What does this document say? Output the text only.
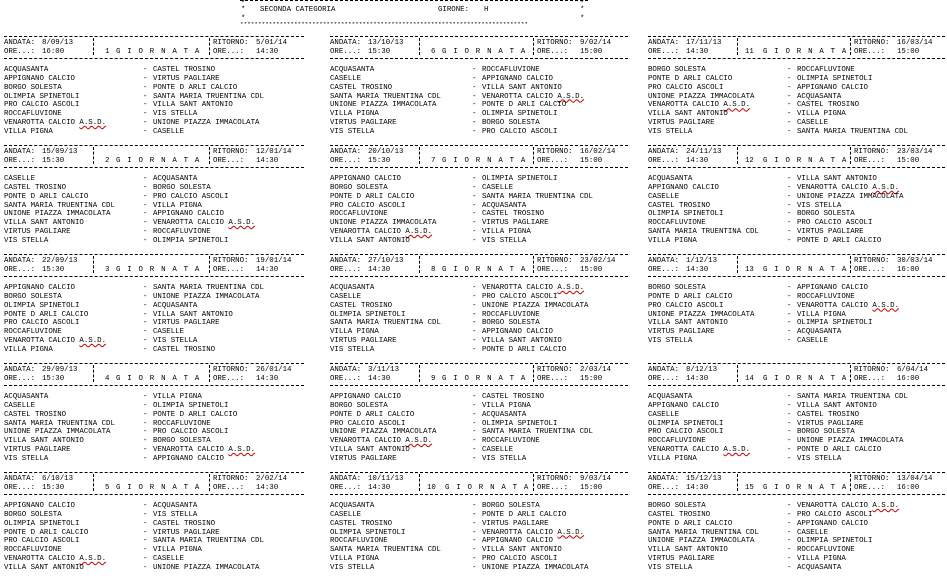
*	*
*	*
SECONDA CATEGORIA	GIRONE: H
*	*
********************************************************************************
ANDATA: 8/09/13
ORE...: 16:00	1 G I O R N A T A
RITORNO: 5/01/14
ORE...: 14:30
ACQUASANTA	- CASTEL TROSINO
APPIGNANO CALCIO	- VIRTUS PAGLIARE
BORGO SOLESTA	- PONTE D ARLI CALCIO
OLIMPIA SPINETOLI	- SANTA MARIA TRUENTINA CDL
PRO CALCIO ASCOLI	- VILLA SANT ANTONIO
ROCCAFLUVIONE	- VIS STELLA
VENAROTTA CALCIO A.S.D.	- UNIONE PIAZZA IMMACOLATA
VILLA PIGNA	- CASELLE
ANDATA: 15/09/13
ORE...: 15:30	2 G I O R N A T A
RITORNO: 12/01/14
ORE...: 14:30
CASELLE	- ACQUASANTA
CASTEL TROSINO	- BORGO SOLESTA
PONTE D ARLI CALCIO	- PRO CALCIO ASCOLI
SANTA MARIA TRUENTINA CDL	- VILLA PIGNA
UNIONE PIAZZA IMMACOLATA	- APPIGNANO CALCIO
VILLA SANT ANTONIO	- VENAROTTA CALCIO A.S.D.
VIRTUS PAGLIARE	- ROCCAFLUVIONE
VIS STELLA	- OLIMPIA SPINETOLI
ANDATA: 22/09/13
ORE...: 15:30	3 G I O R N A T A
RITORNO: 19/01/14
ORE...: 14:30
APPIGNANO CALCIO	- SANTA MARIA TRUENTINA CDL
BORGO SOLESTA	- UNIONE PIAZZA IMMACOLATA
OLIMPIA SPINETOLI	- ACQUASANTA
PONTE D ARLI CALCIO	- VILLA SANT ANTONIO
PRO CALCIO ASCOLI	- VIRTUS PAGLIARE
ROCCAFLUVIONE	- CASELLE
VENAROTTA CALCIO A.S.D.	- VIS STELLA
VILLA PIGNA	- CASTEL TROSINO
ANDATA: 29/09/13
ORE...: 15:30	4 G I O R N A T A
RITORNO: 26/01/14
ORE...: 14:30
ACQUASANTA	- VILLA PIGNA
CASELLE	- OLIMPIA SPINETOLI
CASTEL TROSINO	- PONTE D ARLI CALCIO
SANTA MARIA TRUENTINA CDL	- ROCCAFLUVIONE
UNIONE PIAZZA IMMACOLATA	- PRO CALCIO ASCOLI
VILLA SANT ANTONIO	- BORGO SOLESTA
VIRTUS PAGLIARE	- VENAROTTA CALCIO A.S.D.
VIS STELLA	- APPIGNANO CALCIO
ANDATA: 6/10/13
ORE...: 15:30	5 G I O R N A T A
RITORNO: 2/02/14
ORE...: 14:30
APPIGNANO CALCIO	- ACQUASANTA
BORGO SOLESTA	- VIS STELLA
OLIMPIA SPINETOLI	- CASTEL TROSINO
PONTE D ARLI CALCIO	- VIRTUS PAGLIARE
PRO CALCIO ASCOLI	- SANTA MARIA TRUENTINA CDL
ROCCAFLUVIONE	- VILLA PIGNA
VENAROTTA CALCIO A.S.D.	- CASELLE
VILLA SANT ANTONIO	- UNIONE PIAZZA IMMACOLATA
ANDATA: 13/10/13
ORE...: 15:30	6 G I O R N A T A
RITORNO: 9/02/14
ORE...: 15:00
ACQUASANTA	- ROCCAFLUVIONE
CASELLE	- APPIGNANO CALCIO
CASTEL TROSINO	- VILLA SANT ANTONIO
SANTA MARIA TRUENTINA CDL	- VENAROTTA CALCIO A.S.D.
UNIONE PIAZZA IMMACOLATA	- PONTE D ARLI CALCIO
VILLA PIGNA	- OLIMPIA SPINETOLI
VIRTUS PAGLIARE	- BORGO SOLESTA
VIS STELLA	- PRO CALCIO ASCOLI
ANDATA: 20/10/13
ORE...: 15:30	7 G I O R N A T A
RITORNO: 16/02/14
ORE...: 15:00
APPIGNANO CALCIO	- OLIMPIA SPINETOLI
BORGO SOLESTA	- CASELLE
PONTE D ARLI CALCIO	- SANTA MARIA TRUENTINA CDL
PRO CALCIO ASCOLI	- ACQUASANTA
ROCCAFLUVIONE	- CASTEL TROSINO
UNIONE PIAZZA IMMACOLATA	- VIRTUS PAGLIARE
VENAROTTA CALCIO A.S.D.	- VILLA PIGNA
VILLA SANT ANTONIO	- VIS STELLA
ANDATA: 27/10/13
ORE...: 14:30	8 G I O R N A T A
RITORNO: 23/02/14
ORE...: 15:00
ACQUASANTA	- VENAROTTA CALCIO A.S.D.
CASELLE	- PRO CALCIO ASCOLI
CASTEL TROSINO	- UNIONE PIAZZA IMMACOLATA
OLIMPIA SPINETOLI	- ROCCAFLUVIONE
SANTA MARIA TRUENTINA CDL	- BORGO SOLESTA
VILLA PIGNA	- APPIGNANO CALCIO
VIRTUS PAGLIARE	- VILLA SANT ANTONIO
VIS STELLA	- PONTE D ARLI CALCIO
ANDATA: 3/11/13
ORE...: 14:30	9 G I O R N A T A
RITORNO: 2/03/14
ORE...: 15:00
APPIGNANO CALCIO	- CASTEL TROSINO
BORGO SOLESTA	- VILLA PIGNA
PONTE D ARLI CALCIO	- ACQUASANTA
PRO CALCIO ASCOLI	- OLIMPIA SPINETOLI
UNIONE PIAZZA IMMACOLATA	- SANTA MARIA TRUENTINA CDL
VENAROTTA CALCIO A.S.D.	- ROCCAFLUVIONE
VILLA SANT ANTONIO	- CASELLE
VIRTUS PAGLIARE	- VIS STELLA
ANDATA: 10/11/13
ORE...: 14:30	10 G I O R N A T A
RITORNO: 9/03/14
ORE...: 15:00
ACQUASANTA	- BORGO SOLESTA
CASELLE	- PONTE D ARLI CALCIO
CASTEL TROSINO	- VIRTUS PAGLIARE
OLIMPIA SPINETOLI	- VENAROTTA CALCIO A.S.D.
ROCCAFLUVIONE	- APPIGNANO CALCIO
SANTA MARIA TRUENTINA CDL	- VILLA SANT ANTONIO
VILLA PIGNA	- PRO CALCIO ASCOLI
VIS STELLA	- UNIONE PIAZZA IMMACOLATA
ANDATA: 17/11/13
ORE...: 14:30	11 G I O R N A T A
RITORNO: 16/03/14
ORE...: 15:00
BORGO SOLESTA	- ROCCAFLUVIONE
PONTE D ARLI CALCIO	- OLIMPIA SPINETOLI
PRO CALCIO ASCOLI	- APPIGNANO CALCIO
UNIONE PIAZZA IMMACOLATA	- ACQUASANTA
VENAROTTA CALCIO A.S.D.	- CASTEL TROSINO
VILLA SANT ANTONIO	- VILLA PIGNA
VIRTUS PAGLIARE	- CASELLE
VIS STELLA	- SANTA MARIA TRUENTINA CDL
ANDATA: 24/11/13
ORE...: 14:30	12 G I O R N A T A
RITORNO: 23/03/14
ORE...: 15:00
ACQUASANTA	- VILLA SANT ANTONIO
APPIGNANO CALCIO	- VENAROTTA CALCIO A.S.D.
CASELLE	- UNIONE PIAZZA IMMACOLATA
CASTEL TROSINO	- VIS STELLA
OLIMPIA SPINETOLI	- BORGO SOLESTA
ROCCAFLUVIONE	- PRO CALCIO ASCOLI
SANTA MARIA TRUENTINA CDL	- VIRTUS PAGLIARE
VILLA PIGNA	- PONTE D ARLI CALCIO
ANDATA: 1/12/13
ORE...: 14:30	13 G I O R N A T A
RITORNO: 30/03/14
ORE...: 16:00
BORGO SOLESTA	- APPIGNANO CALCIO
PONTE D ARLI CALCIO	- ROCCAFLUVIONE
PRO CALCIO ASCOLI	- VENAROTTA CALCIO A.S.D.
UNIONE PIAZZA IMMACOLATA	- VILLA PIGNA
VILLA SANT ANTONIO	- OLIMPIA SPINETOLI
VIRTUS PAGLIARE	- ACQUASANTA
VIS STELLA	- CASELLE
ANDATA: 8/12/13
ORE...: 14:30	14 G I O R N A T A
RITORNO: 6/04/14
ORE...: 16:00
ACQUASANTA	- SANTA MARIA TRUENTINA CDL
APPIGNANO CALCIO	- VILLA SANT ANTONIO
CASELLE	- CASTEL TROSINO
OLIMPIA SPINETOLI	- VIRTUS PAGLIARE
PRO CALCIO ASCOLI	- BORGO SOLESTA
ROCCAFLUVIONE	- UNIONE PIAZZA IMMACOLATA
VENAROTTA CALCIO A.S.D.	- PONTE D ARLI CALCIO
VILLA PIGNA	- VIS STELLA
ANDATA: 15/12/13
ORE...: 14:30	15 G I O R N A T A
RITORNO: 13/04/14
ORE...: 16:00
BORGO SOLESTA	- VENAROTTA CALCIO A.S.D.
CASTEL TROSINO	- PRO CALCIO ASCOLI
PONTE D ARLI CALCIO	- APPIGNANO CALCIO
SANTA MARIA TRUENTINA CDL	- CASELLE
UNIONE PIAZZA IMMACOLATA	- OLIMPIA SPINETOLI
VILLA SANT ANTONIO	- ROCCAFLUVIONE
VIRTUS PAGLIARE	- VILLA PIGNA
VIS STELLA	- ACQUASANTA
